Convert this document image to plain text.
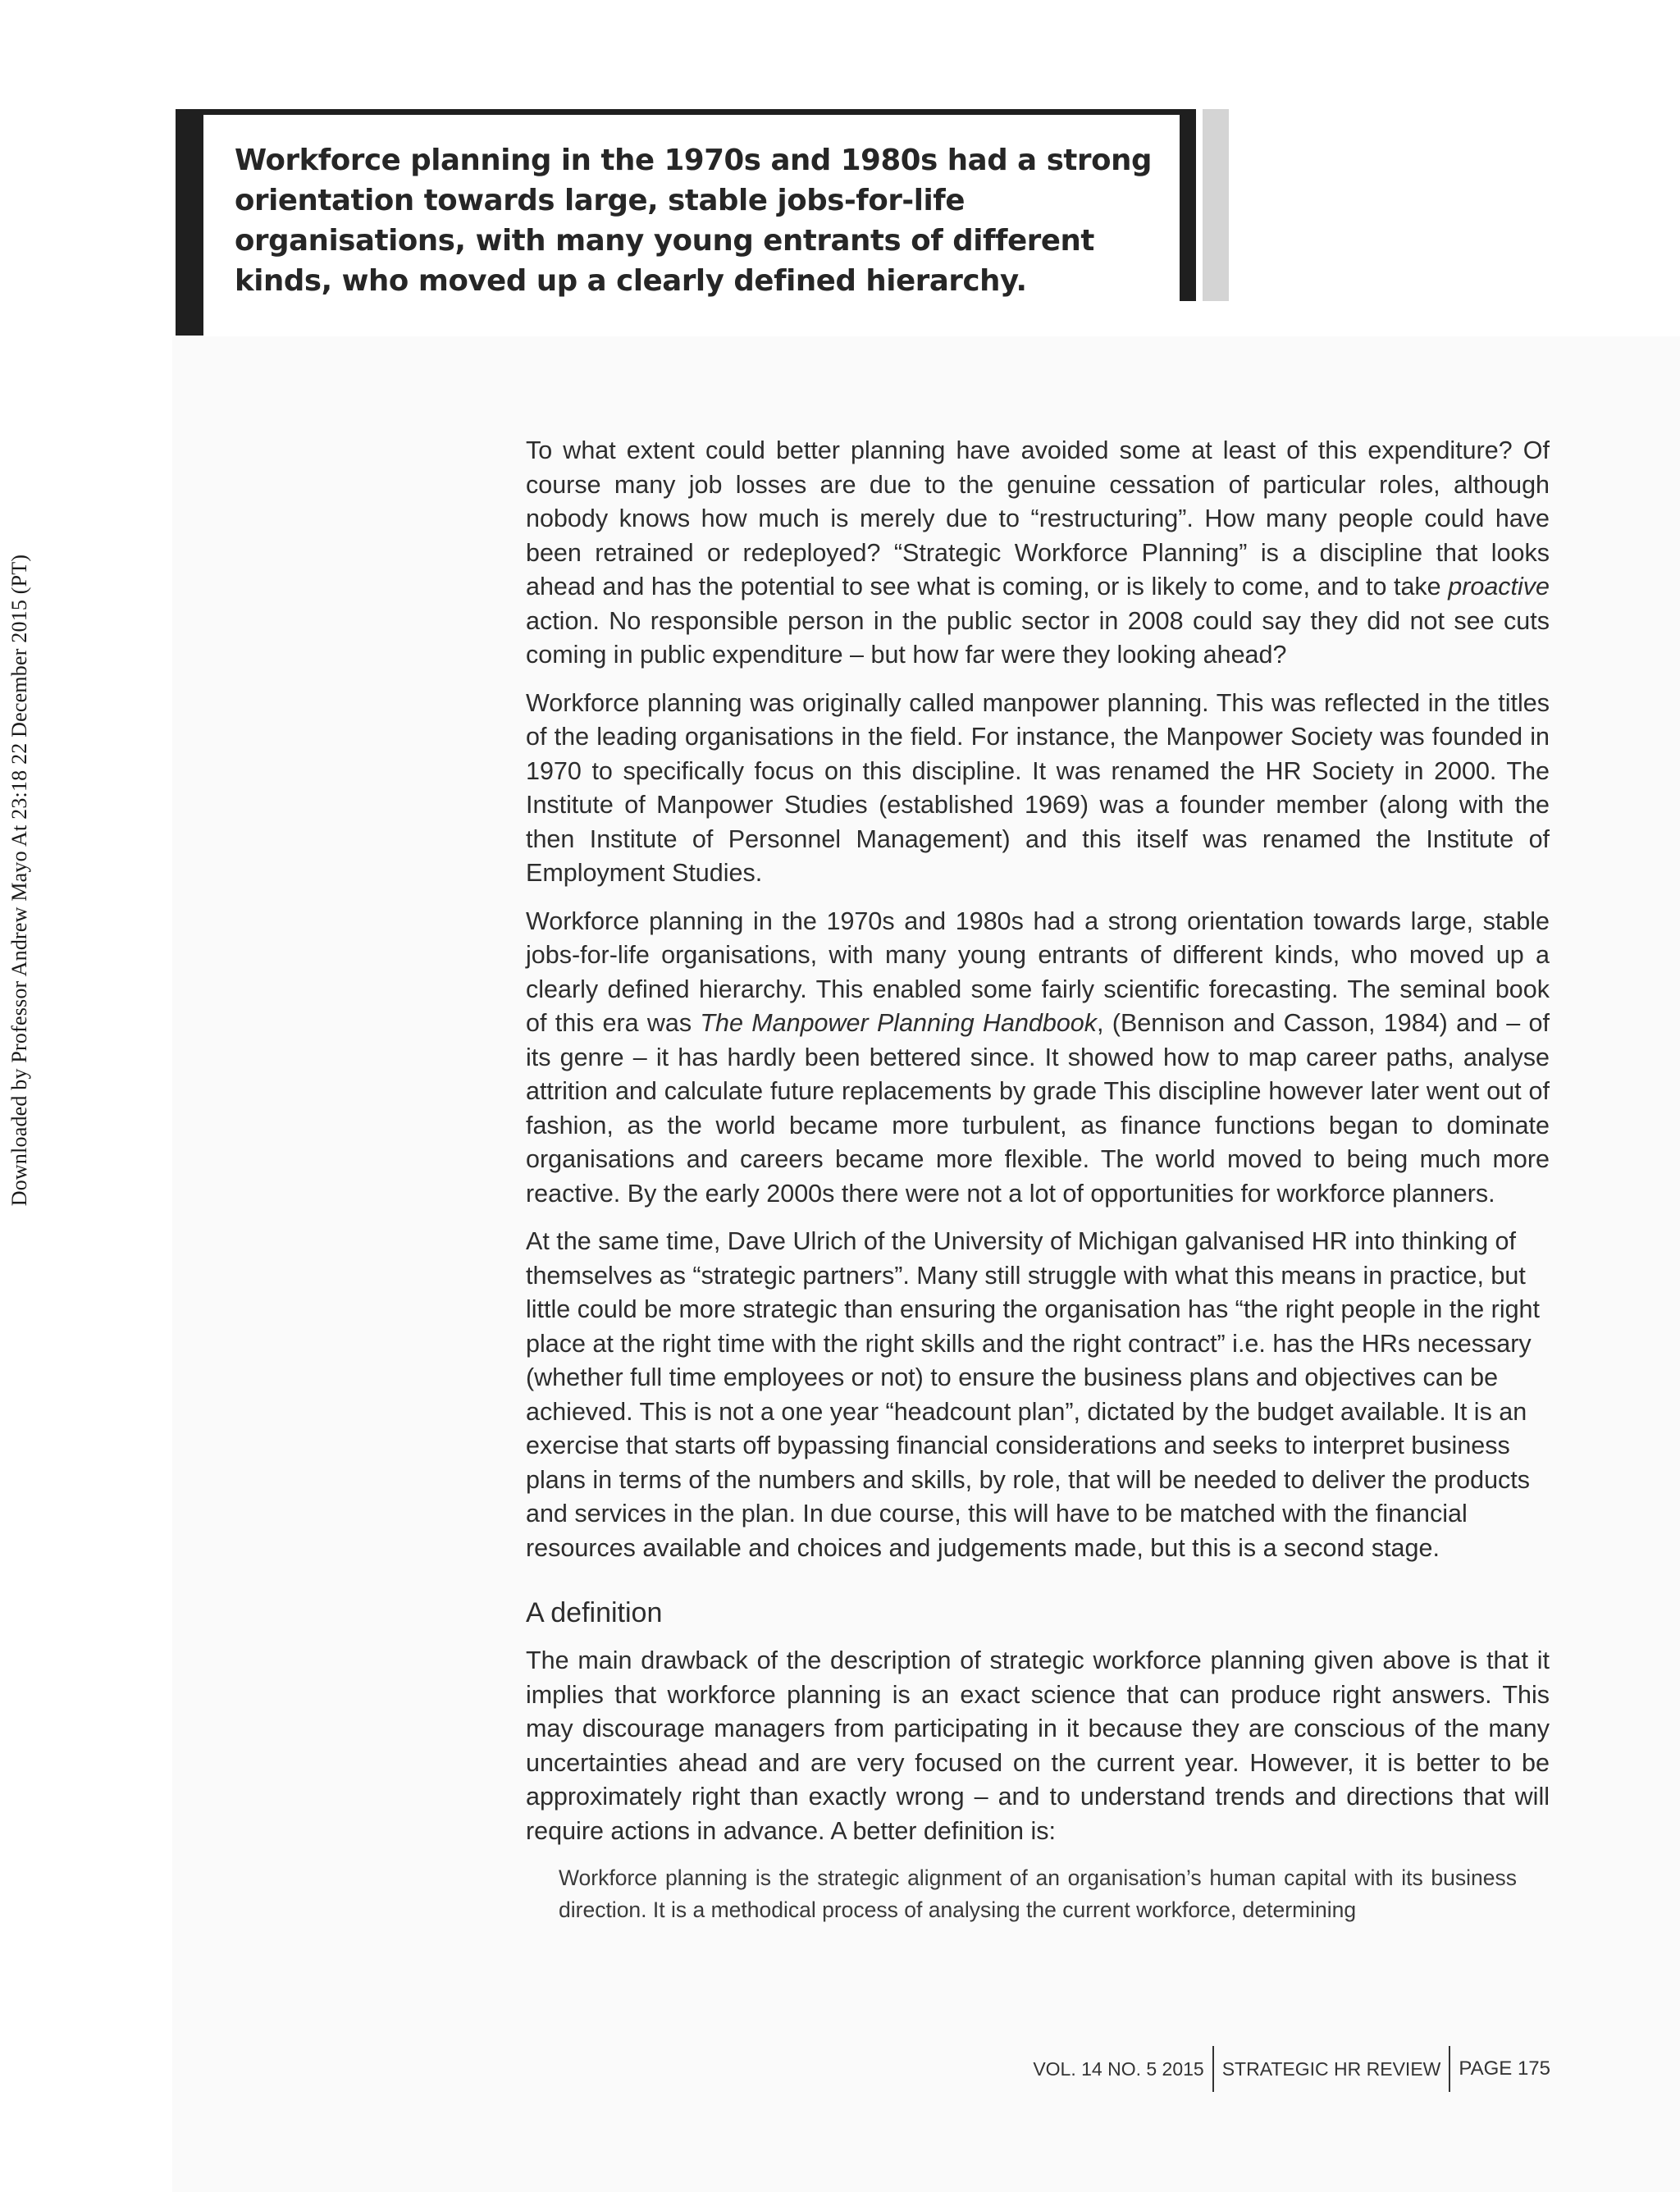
Downloaded by Professor Andrew Mayo At 23:18 22 December 2015 (PT)
Workforce planning in the 1970s and 1980s had a strong orientation towards large, stable jobs-for-life organisations, with many young entrants of different kinds, who moved up a clearly defined hierarchy.

To what extent could better planning have avoided some at least of this expenditure? Of course many job losses are due to the genuine cessation of particular roles, although nobody knows how much is merely due to “restructuring”. How many people could have been retrained or redeployed? “Strategic Workforce Planning” is a discipline that looks ahead and has the potential to see what is coming, or is likely to come, and to take proactive action. No responsible person in the public sector in 2008 could say they did not see cuts coming in public expenditure – but how far were they looking ahead?

Workforce planning was originally called manpower planning. This was reflected in the titles of the leading organisations in the field. For instance, the Manpower Society was founded in 1970 to specifically focus on this discipline. It was renamed the HR Society in 2000. The Institute of Manpower Studies (established 1969) was a founder member (along with the then Institute of Personnel Management) and this itself was renamed the Institute of Employment Studies.

Workforce planning in the 1970s and 1980s had a strong orientation towards large, stable jobs-for-life organisations, with many young entrants of different kinds, who moved up a clearly defined hierarchy. This enabled some fairly scientific forecasting. The seminal book of this era was The Manpower Planning Handbook, (Bennison and Casson, 1984) and – of its genre – it has hardly been bettered since. It showed how to map career paths, analyse attrition and calculate future replacements by grade This discipline however later went out of fashion, as the world became more turbulent, as finance functions began to dominate organisations and careers became more flexible. The world moved to being much more reactive. By the early 2000s there were not a lot of opportunities for workforce planners.

At the same time, Dave Ulrich of the University of Michigan galvanised HR into thinking of themselves as “strategic partners”. Many still struggle with what this means in practice, but little could be more strategic than ensuring the organisation has “the right people in the right place at the right time with the right skills and the right contract” i.e. has the HRs necessary (whether full time employees or not) to ensure the business plans and objectives can be achieved. This is not a one year “headcount plan”, dictated by the budget available. It is an exercise that starts off bypassing financial considerations and seeks to interpret business plans in terms of the numbers and skills, by role, that will be needed to deliver the products and services in the plan. In due course, this will have to be matched with the financial resources available and choices and judgements made, but this is a second stage.

A definition

The main drawback of the description of strategic workforce planning given above is that it implies that workforce planning is an exact science that can produce right answers. This may discourage managers from participating in it because they are conscious of the many uncertainties ahead and are very focused on the current year. However, it is better to be approximately right than exactly wrong – and to understand trends and directions that will require actions in advance. A better definition is:

Workforce planning is the strategic alignment of an organisation’s human capital with its business direction. It is a methodical process of analysing the current workforce, determining
VOL. 14 NO. 5 2015 STRATEGIC HR REVIEW PAGE 175
